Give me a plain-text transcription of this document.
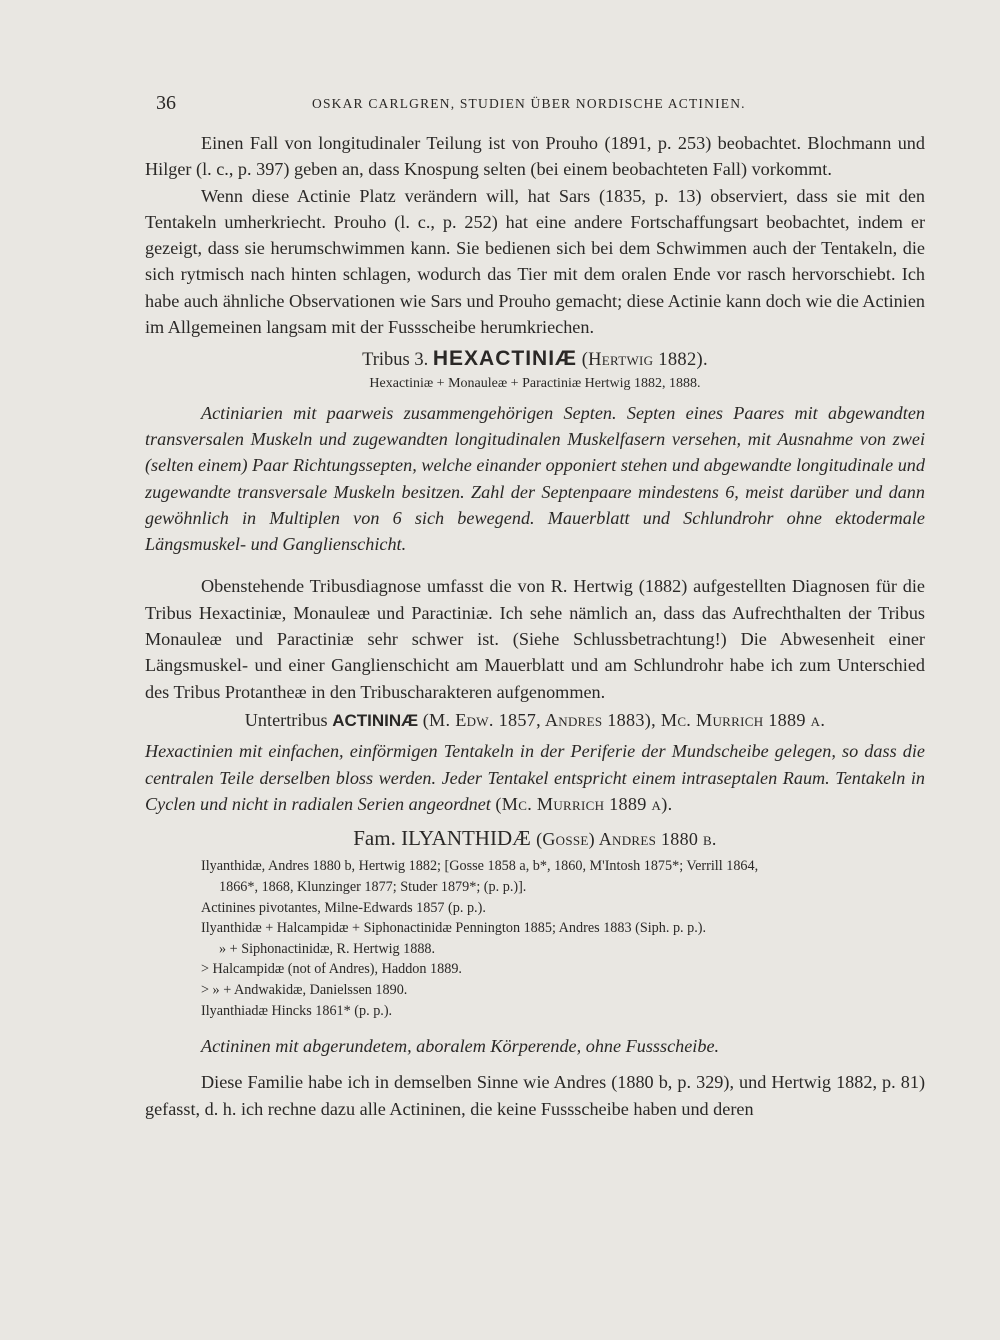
36	OSKAR CARLGREN, STUDIEN ÜBER NORDISCHE ACTINIEN.

Einen Fall von longitudinaler Teilung ist von Prouho (1891, p. 253) beobachtet. Blochmann und Hilger (l. c., p. 397) geben an, dass Knospung selten (bei einem beobachteten Fall) vorkommt.

Wenn diese Actinie Platz verändern will, hat Sars (1835, p. 13) observiert, dass sie mit den Tentakeln umherkriecht. Prouho (l. c., p. 252) hat eine andere Fortschaffungsart beobachtet, indem er gezeigt, dass sie herumschwimmen kann. Sie bedienen sich bei dem Schwimmen auch der Tentakeln, die sich rytmisch nach hinten schlagen, wodurch das Tier mit dem oralen Ende vor rasch hervorschiebt. Ich habe auch ähnliche Observationen wie Sars und Prouho gemacht; diese Actinie kann doch wie die Actinien im Allgemeinen langsam mit der Fussscheibe herumkriechen.

Tribus 3. HEXACTINIÆ (Hertwig 1882).

Hexactiniæ + Monauleæ + Paractiniæ Hertwig 1882, 1888.

Actiniarien mit paarweis zusammengehörigen Septen. Septen eines Paares mit abgewandten transversalen Muskeln und zugewandten longitudinalen Muskelfasern versehen, mit Ausnahme von zwei (selten einem) Paar Richtungssepten, welche einander opponiert stehen und abgewandte longitudinale und zugewandte transversale Muskeln besitzen. Zahl der Septenpaare mindestens 6, meist darüber und dann gewöhnlich in Multiplen von 6 sich bewegend. Mauerblatt und Schlundrohr ohne ektodermale Längsmuskel- und Ganglienschicht.

Obenstehende Tribusdiagnose umfasst die von R. Hertwig (1882) aufgestellten Diagnosen für die Tribus Hexactiniæ, Monauleæ und Paractiniæ. Ich sehe nämlich an, dass das Aufrechthalten der Tribus Monauleæ und Paractiniæ sehr schwer ist. (Siehe Schlussbetrachtung!) Die Abwesenheit einer Längsmuskel- und einer Ganglienschicht am Mauerblatt und am Schlundrohr habe ich zum Unterschied des Tribus Protantheæ in den Tribuscharakteren aufgenommen.

Untertribus ACTININÆ (M. Edw. 1857, Andres 1883), Mc. Murrich 1889 a.

Hexactinien mit einfachen, einförmigen Tentakeln in der Periferie der Mundscheibe gelegen, so dass die centralen Teile derselben bloss werden. Jeder Tentakel entspricht einem intraseptalen Raum. Tentakeln in Cyclen und nicht in radialen Serien angeordnet (Mc. Murrich 1889 a).

Fam. ILYANTHIDÆ (Gosse) Andres 1880 b.

Ilyanthidæ, Andres 1880 b, Hertwig 1882; [Gosse 1858 a, b*, 1860, M'Intosh 1875*; Verrill 1864,
1866*, 1868, Klunzinger 1877; Studer 1879*; (p. p.)].
Actinines pivotantes, Milne-Edwards 1857 (p. p.).
Ilyanthidæ + Halcampidæ + Siphonactinidæ Pennington 1885; Andres 1883 (Siph. p. p.).
» + Siphonactinidæ, R. Hertwig 1888.
> Halcampidæ (not of Andres), Haddon 1889.
> » + Andwakidæ, Danielssen 1890.
Ilyanthiadæ Hincks 1861* (p. p.).

Actininen mit abgerundetem, aboralem Körperende, ohne Fussscheibe.

Diese Familie habe ich in demselben Sinne wie Andres (1880 b, p. 329), und Hertwig 1882, p. 81) gefasst, d. h. ich rechne dazu alle Actininen, die keine Fussscheibe haben und deren
